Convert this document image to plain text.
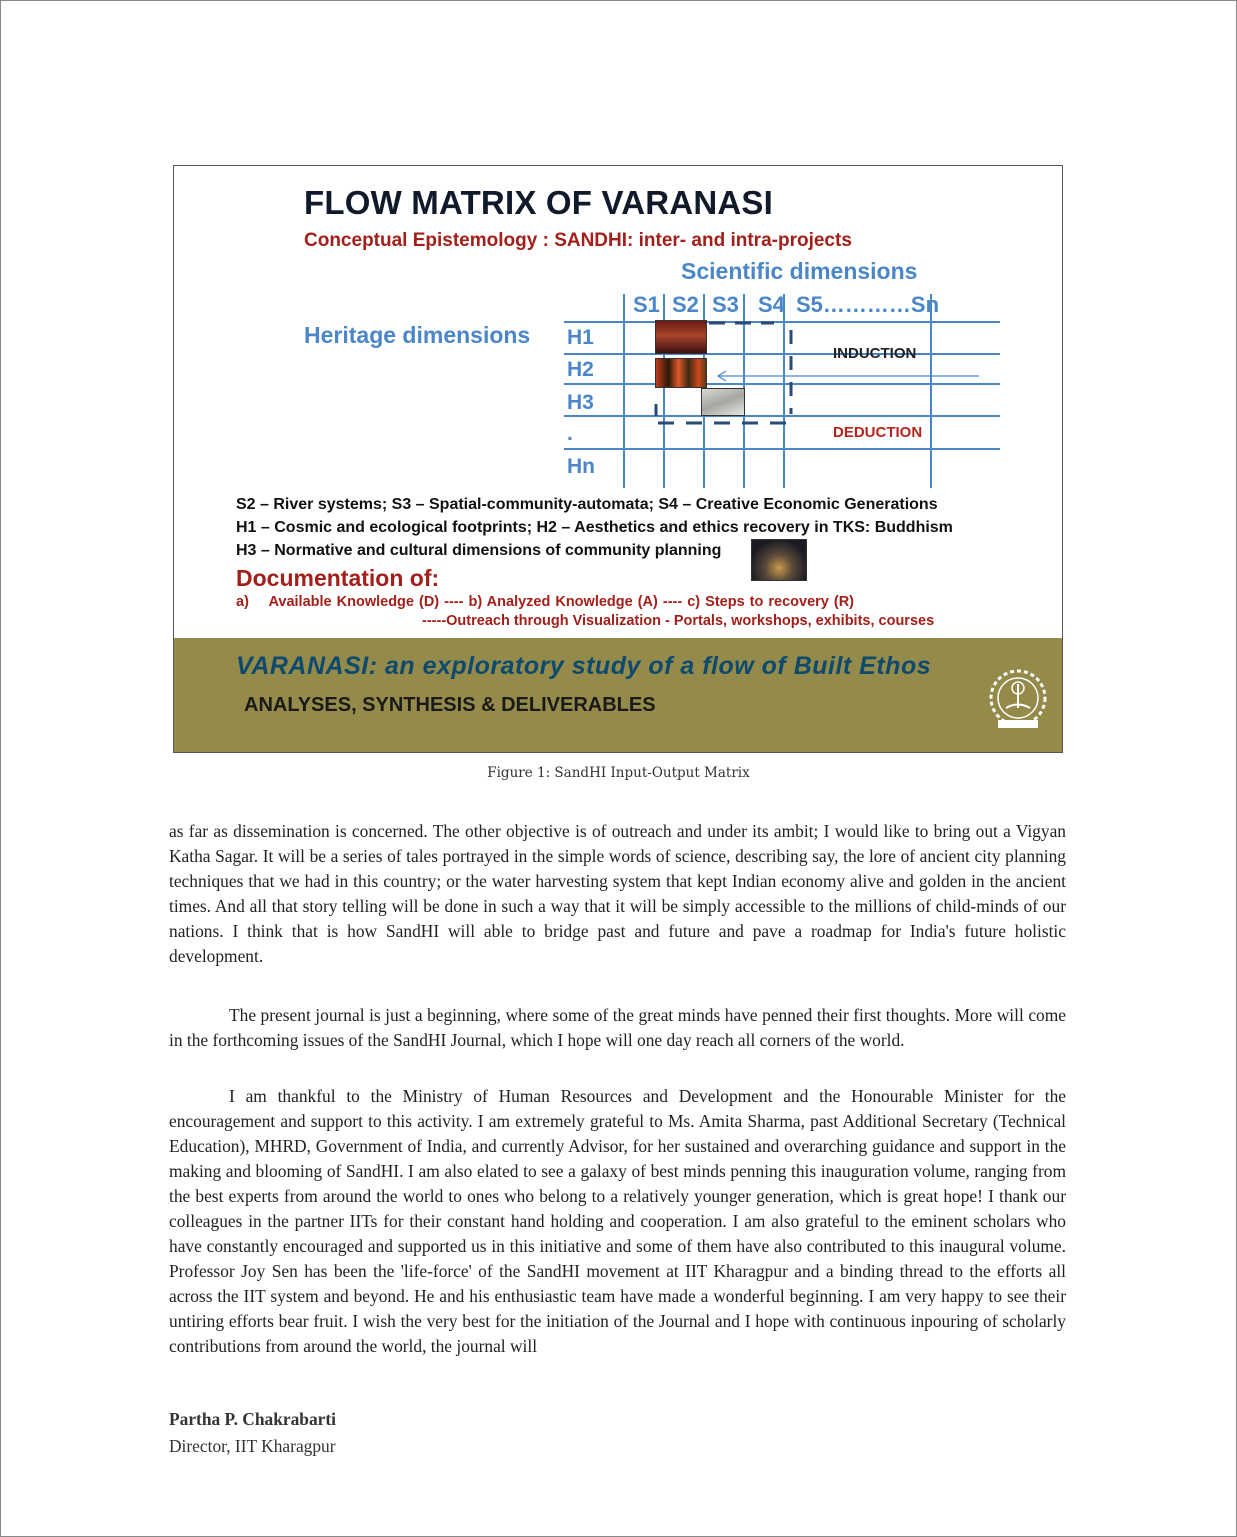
FLOW MATRIX OF VARANASI
Conceptual Epistemology : SANDHI: inter- and intra-projects
Scientific dimensions
Heritage dimensions
S1 S2 S3 S4 S5…………Sn
H1
H2
H3
.
Hn
INDUCTION
DEDUCTION
S2 – River systems; S3 – Spatial-community-automata; S4 – Creative Economic Generations
H1 – Cosmic and ecological footprints; H2 – Aesthetics and ethics recovery in TKS: Buddhism
H3 – Normative and cultural dimensions of community planning
Documentation of:
a)    Available Knowledge (D) ---- b) Analyzed Knowledge (A) ---- c) Steps to recovery (R)
-----Outreach through Visualization - Portals, workshops, exhibits, courses
VARANASI: an exploratory study of a flow of Built Ethos
ANALYSES, SYNTHESIS & DELIVERABLES
Figure 1: SandHI Input-Output Matrix

as far as dissemination is concerned. The other objective is of outreach and under its ambit; I would like to bring out a Vigyan Katha Sagar. It will be a series of tales portrayed in the simple words of science, describing say, the lore of ancient city planning techniques that we had in this country; or the water harvesting system that kept Indian economy alive and golden in the ancient times. And all that story telling will be done in such a way that it will be simply accessible to the millions of child-minds of our nations. I think that is how SandHI will able to bridge past and future and pave a roadmap for India's future holistic development.

The present journal is just a beginning, where some of the great minds have penned their first thoughts. More will come in the forthcoming issues of the SandHI Journal, which I hope will one day reach all corners of the world.

I am thankful to the Ministry of Human Resources and Development and the Honourable Minister for the encouragement and support to this activity. I am extremely grateful to Ms. Amita Sharma, past Additional Secretary (Technical Education), MHRD, Government of India, and currently Advisor, for her sustained and overarching guidance and support in the making and blooming of SandHI. I am also elated to see a galaxy of best minds penning this inauguration volume, ranging from the best experts from around the world to ones who belong to a relatively younger generation, which is great hope! I thank our colleagues in the partner IITs for their constant hand holding and cooperation. I am also grateful to the eminent scholars who have constantly encouraged and supported us in this initiative and some of them have also contributed to this inaugural volume. Professor Joy Sen has been the 'life-force' of the SandHI movement at IIT Kharagpur and a binding thread to the efforts all across the IIT system and beyond. He and his enthusiastic team have made a wonderful beginning. I am very happy to see their untiring efforts bear fruit. I wish the very best for the initiation of the Journal and I hope with continuous inpouring of scholarly contributions from around the world, the journal will

Partha P. Chakrabarti

Director, IIT Kharagpur
